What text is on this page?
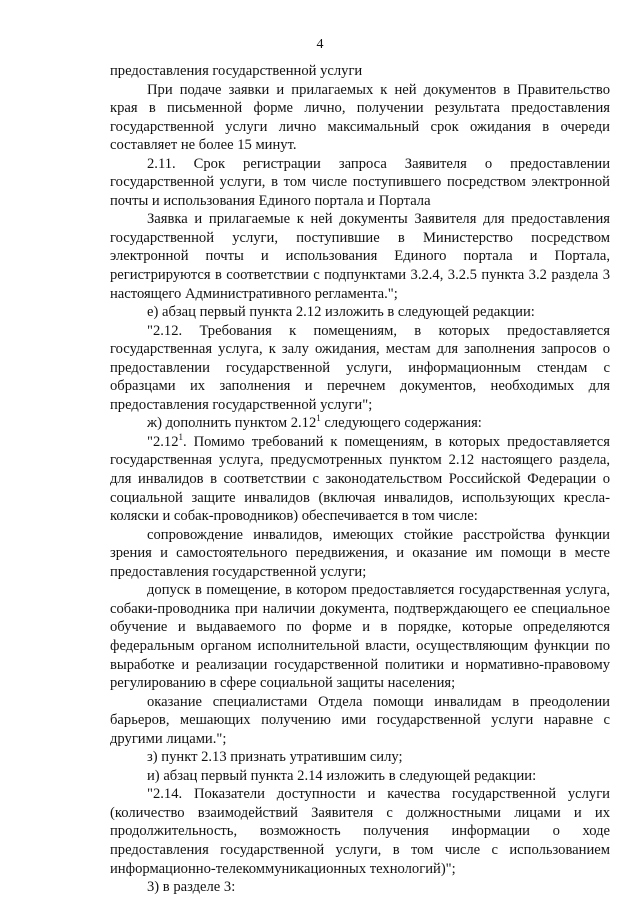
4

предоставления государственной услуги

При подаче заявки и прилагаемых к ней документов в Правительство края в письменной форме лично, получении результата предоставления государственной услуги лично максимальный срок ожидания в очереди составляет не более 15 минут.

2.11. Срок регистрации запроса Заявителя о предоставлении государственной услуги, в том числе поступившего посредством электронной почты и использования Единого портала и Портала

Заявка и прилагаемые к ней документы Заявителя для предоставления государственной услуги, поступившие в Министерство посредством электронной почты и использования Единого портала и Портала, регистрируются в соответствии с подпунктами 3.2.4, 3.2.5 пункта 3.2 раздела 3 настоящего Административного регламента.";

е) абзац первый пункта 2.12 изложить в следующей редакции:

"2.12. Требования к помещениям, в которых предоставляется государственная услуга, к залу ожидания, местам для заполнения запросов о предоставлении государственной услуги, информационным стендам с образцами их заполнения и перечнем документов, необходимых для предоставления государственной услуги";

ж) дополнить пунктом 2.12$^1$ следующего содержания:

"2.12$^1$. Помимо требований к помещениям, в которых предоставляется государственная услуга, предусмотренных пунктом 2.12 настоящего раздела, для инвалидов в соответствии с законодательством Российской Федерации о социальной защите инвалидов (включая инвалидов, использующих кресла-коляски и собак-проводников) обеспечивается в том числе:

сопровождение инвалидов, имеющих стойкие расстройства функции зрения и самостоятельного передвижения, и оказание им помощи в месте предоставления государственной услуги;

допуск в помещение, в котором предоставляется государственная услуга, собаки-проводника при наличии документа, подтверждающего ее специальное обучение и выдаваемого по форме и в порядке, которые определяются федеральным органом исполнительной власти, осуществляющим функции по выработке и реализации государственной политики и нормативно-правовому регулированию в сфере социальной защиты населения;

оказание специалистами Отдела помощи инвалидам в преодолении барьеров, мешающих получению ими государственной услуги наравне с другими лицами.";

з) пункт 2.13 признать утратившим силу;

и) абзац первый пункта 2.14 изложить в следующей редакции:

"2.14. Показатели доступности и качества государственной услуги (количество взаимодействий Заявителя с должностными лицами и их продолжительность, возможность получения информации о ходе предоставления государственной услуги, в том числе с использованием информационно-телекоммуникационных технологий)";

3) в разделе 3:
